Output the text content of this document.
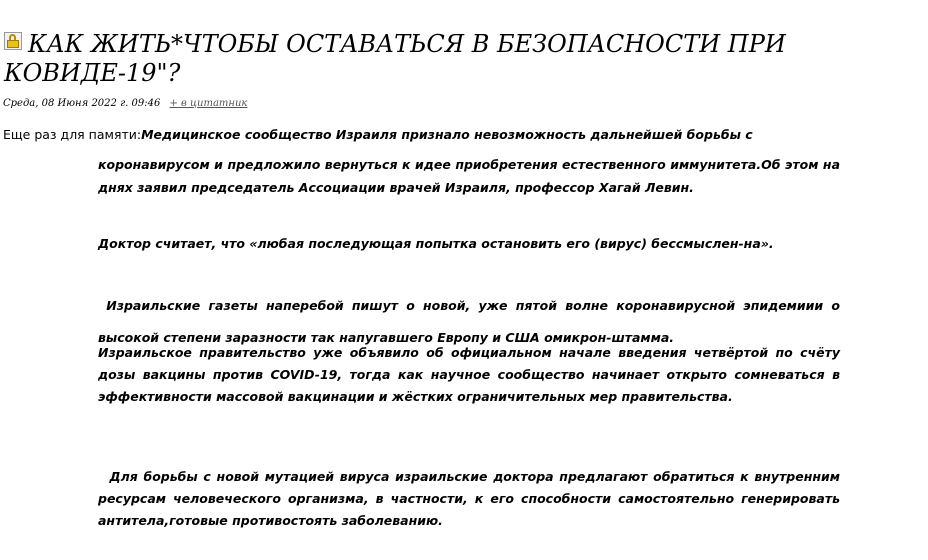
КАК ЖИТЬ*ЧТОБЫ ОСТАВАТЬСЯ В БЕЗОПАСНОСТИ ПРИ КОВИДЕ-19"?
Среда, 08 Июня 2022 г. 09:46 + в цитатник
Еще раз для памяти:Медицинское сообщество Израиля признало невозможность дальнейшей борьбы с

коронавирусом и предложило вернуться к идее приобретения естественного иммунитета.Об этом на днях заявил председатель Ассоциации врачей Израиля, профессор Хагай Левин.

Доктор считает, что «любая последующая попытка остановить его (вирус) бессмыслен-на».

Израильские газеты наперебой пишут о новой, уже пятой волне коронавирусной эпидемиии о высокой степени заразности так напугавшего Европу и США омикрон-штамма.

Израильское правительство уже объявило об официальном начале введения четвёртой по счёту дозы вакцины против COVID-19, тогда как научное сообщество начинает открыто сомневаться в эффективности массовой вакцинации и жёстких ограничительных мер правительства.

Для борьбы с новой мутацией вируса израильские доктора предлагают обратиться к внутренним ресурсам человеческого организма, в частности, к его способности самостоятельно генерировать антитела,готовые противостоять заболеванию.
